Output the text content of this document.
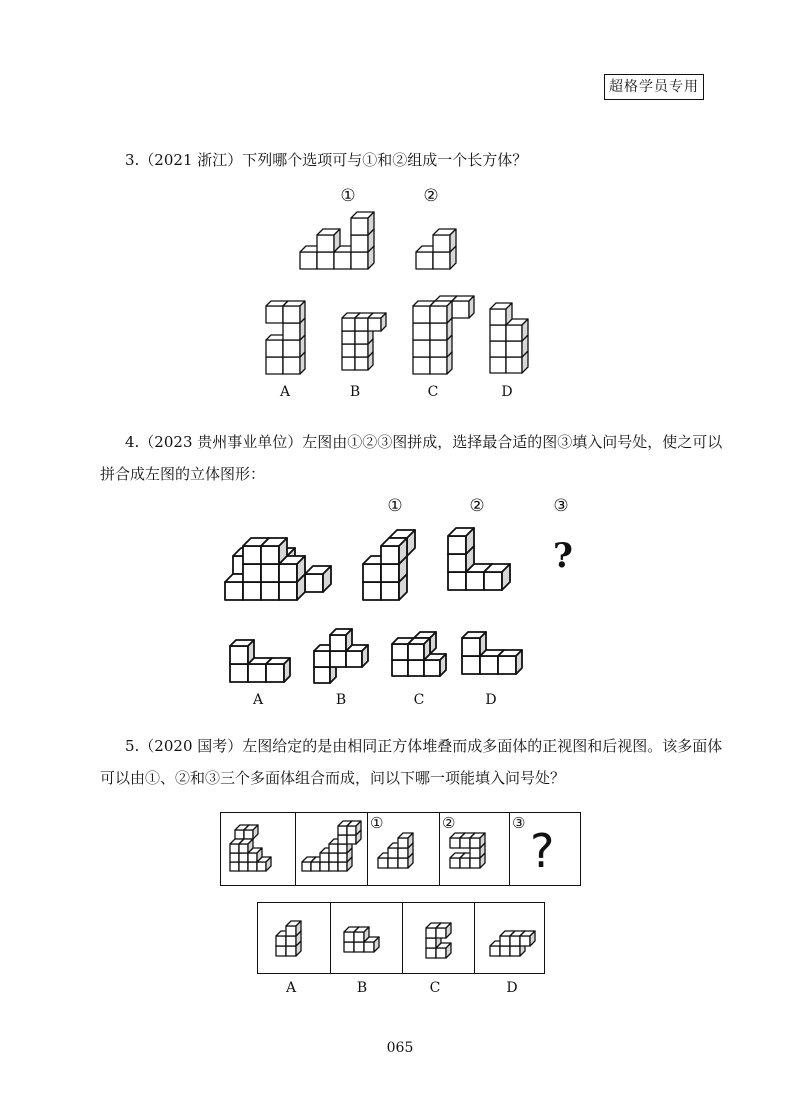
超格学员专用
3.（2021 浙江）下列哪个选项可与①和②组成一个长方体？
①	②
A	B	C	D
4.（2023 贵州事业单位）左图由①②③图拼成，选择最合适的图③填入问号处，使之可以
拼合成左图的立体图形：
①	②	③
?
A	B	C	D
5.（2020 国考）左图给定的是由相同正方体堆叠而成多面体的正视图和后视图。该多面体
可以由①、②和③三个多面体组合而成，问以下哪一项能填入问号处？
①	②	③
?
A	B	C	D
065
